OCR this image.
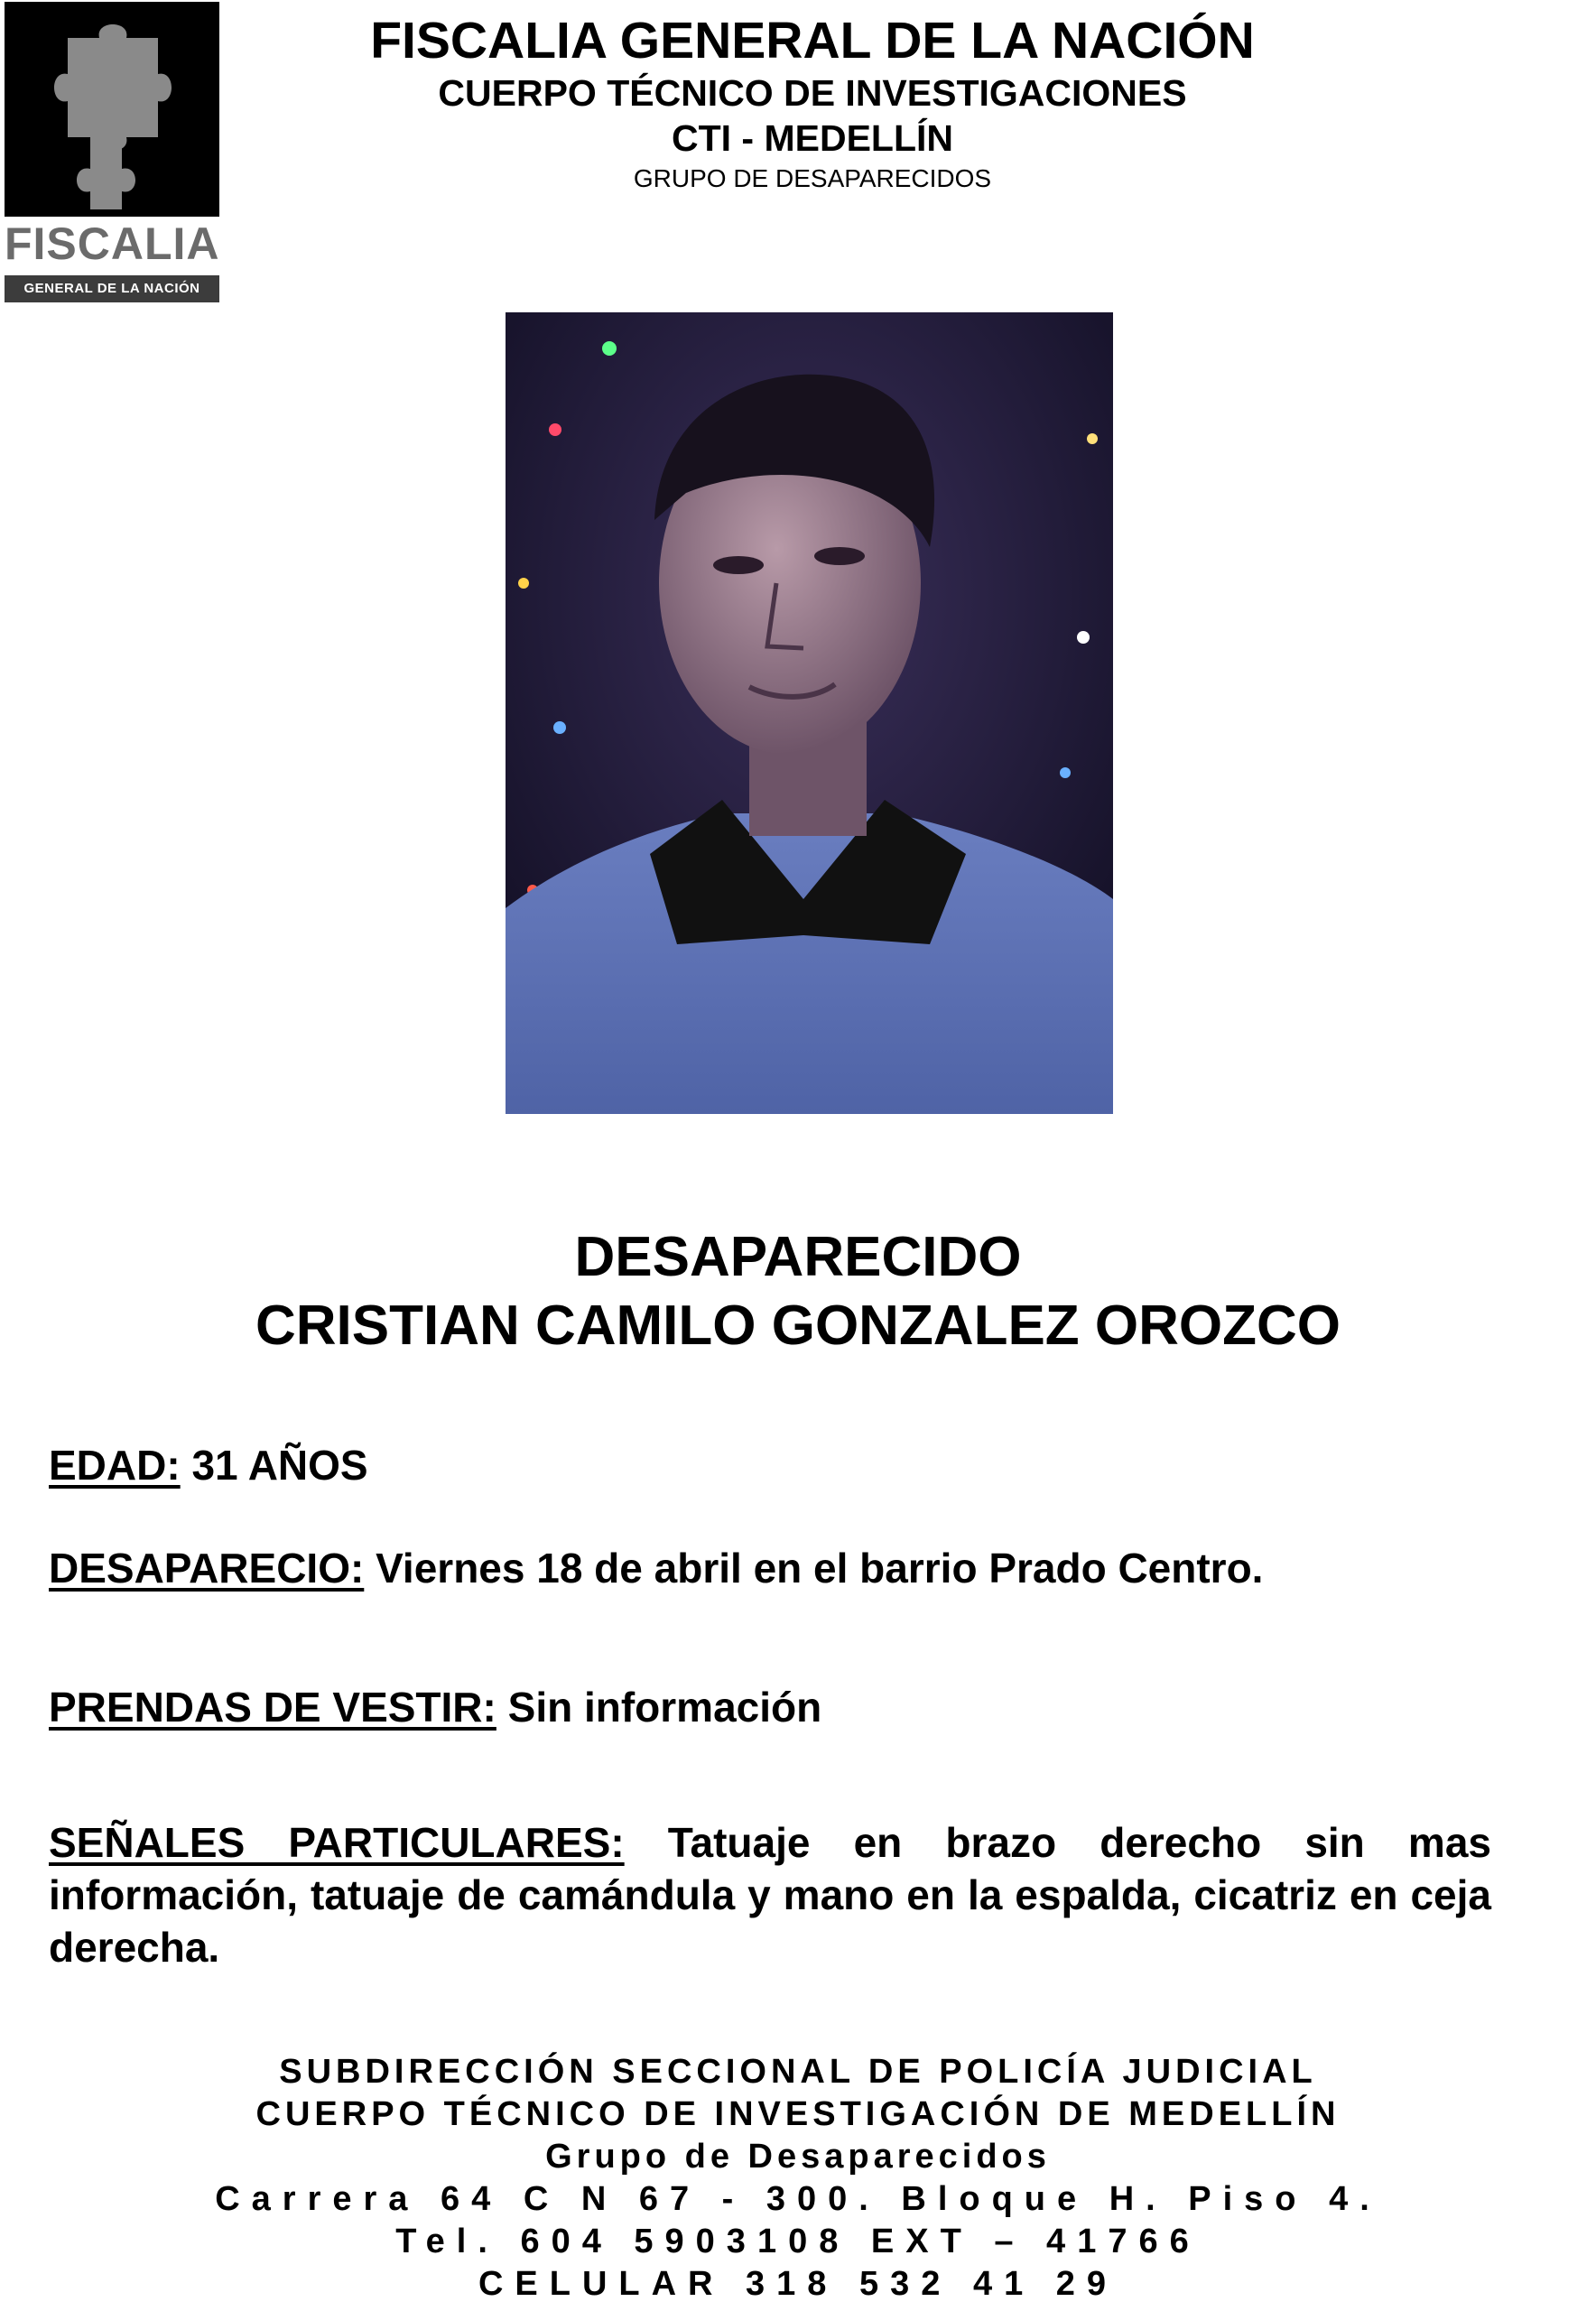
FISCALIA
GENERAL DE LA NACIÓN
FISCALIA GENERAL DE LA NACIÓN
CUERPO TÉCNICO DE INVESTIGACIONES
CTI - MEDELLÍN
GRUPO DE DESAPARECIDOS
DESAPARECIDO
CRISTIAN CAMILO GONZALEZ OROZCO
EDAD: 31 AÑOS
DESAPARECIO: Viernes 18 de abril en el barrio Prado Centro.
PRENDAS DE VESTIR: Sin información
SEÑALES PARTICULARES: Tatuaje en brazo derecho sin mas información, tatuaje de camándula y mano en la espalda, cicatriz en ceja derecha.
SUBDIRECCIÓN SECCIONAL DE POLICÍA JUDICIAL
CUERPO TÉCNICO DE INVESTIGACIÓN DE MEDELLÍN
Grupo de Desaparecidos
Carrera 64 C N 67 - 300. Bloque H. Piso 4.
Tel. 604 5903108 EXT – 41766
CELULAR 318 532 41 29
